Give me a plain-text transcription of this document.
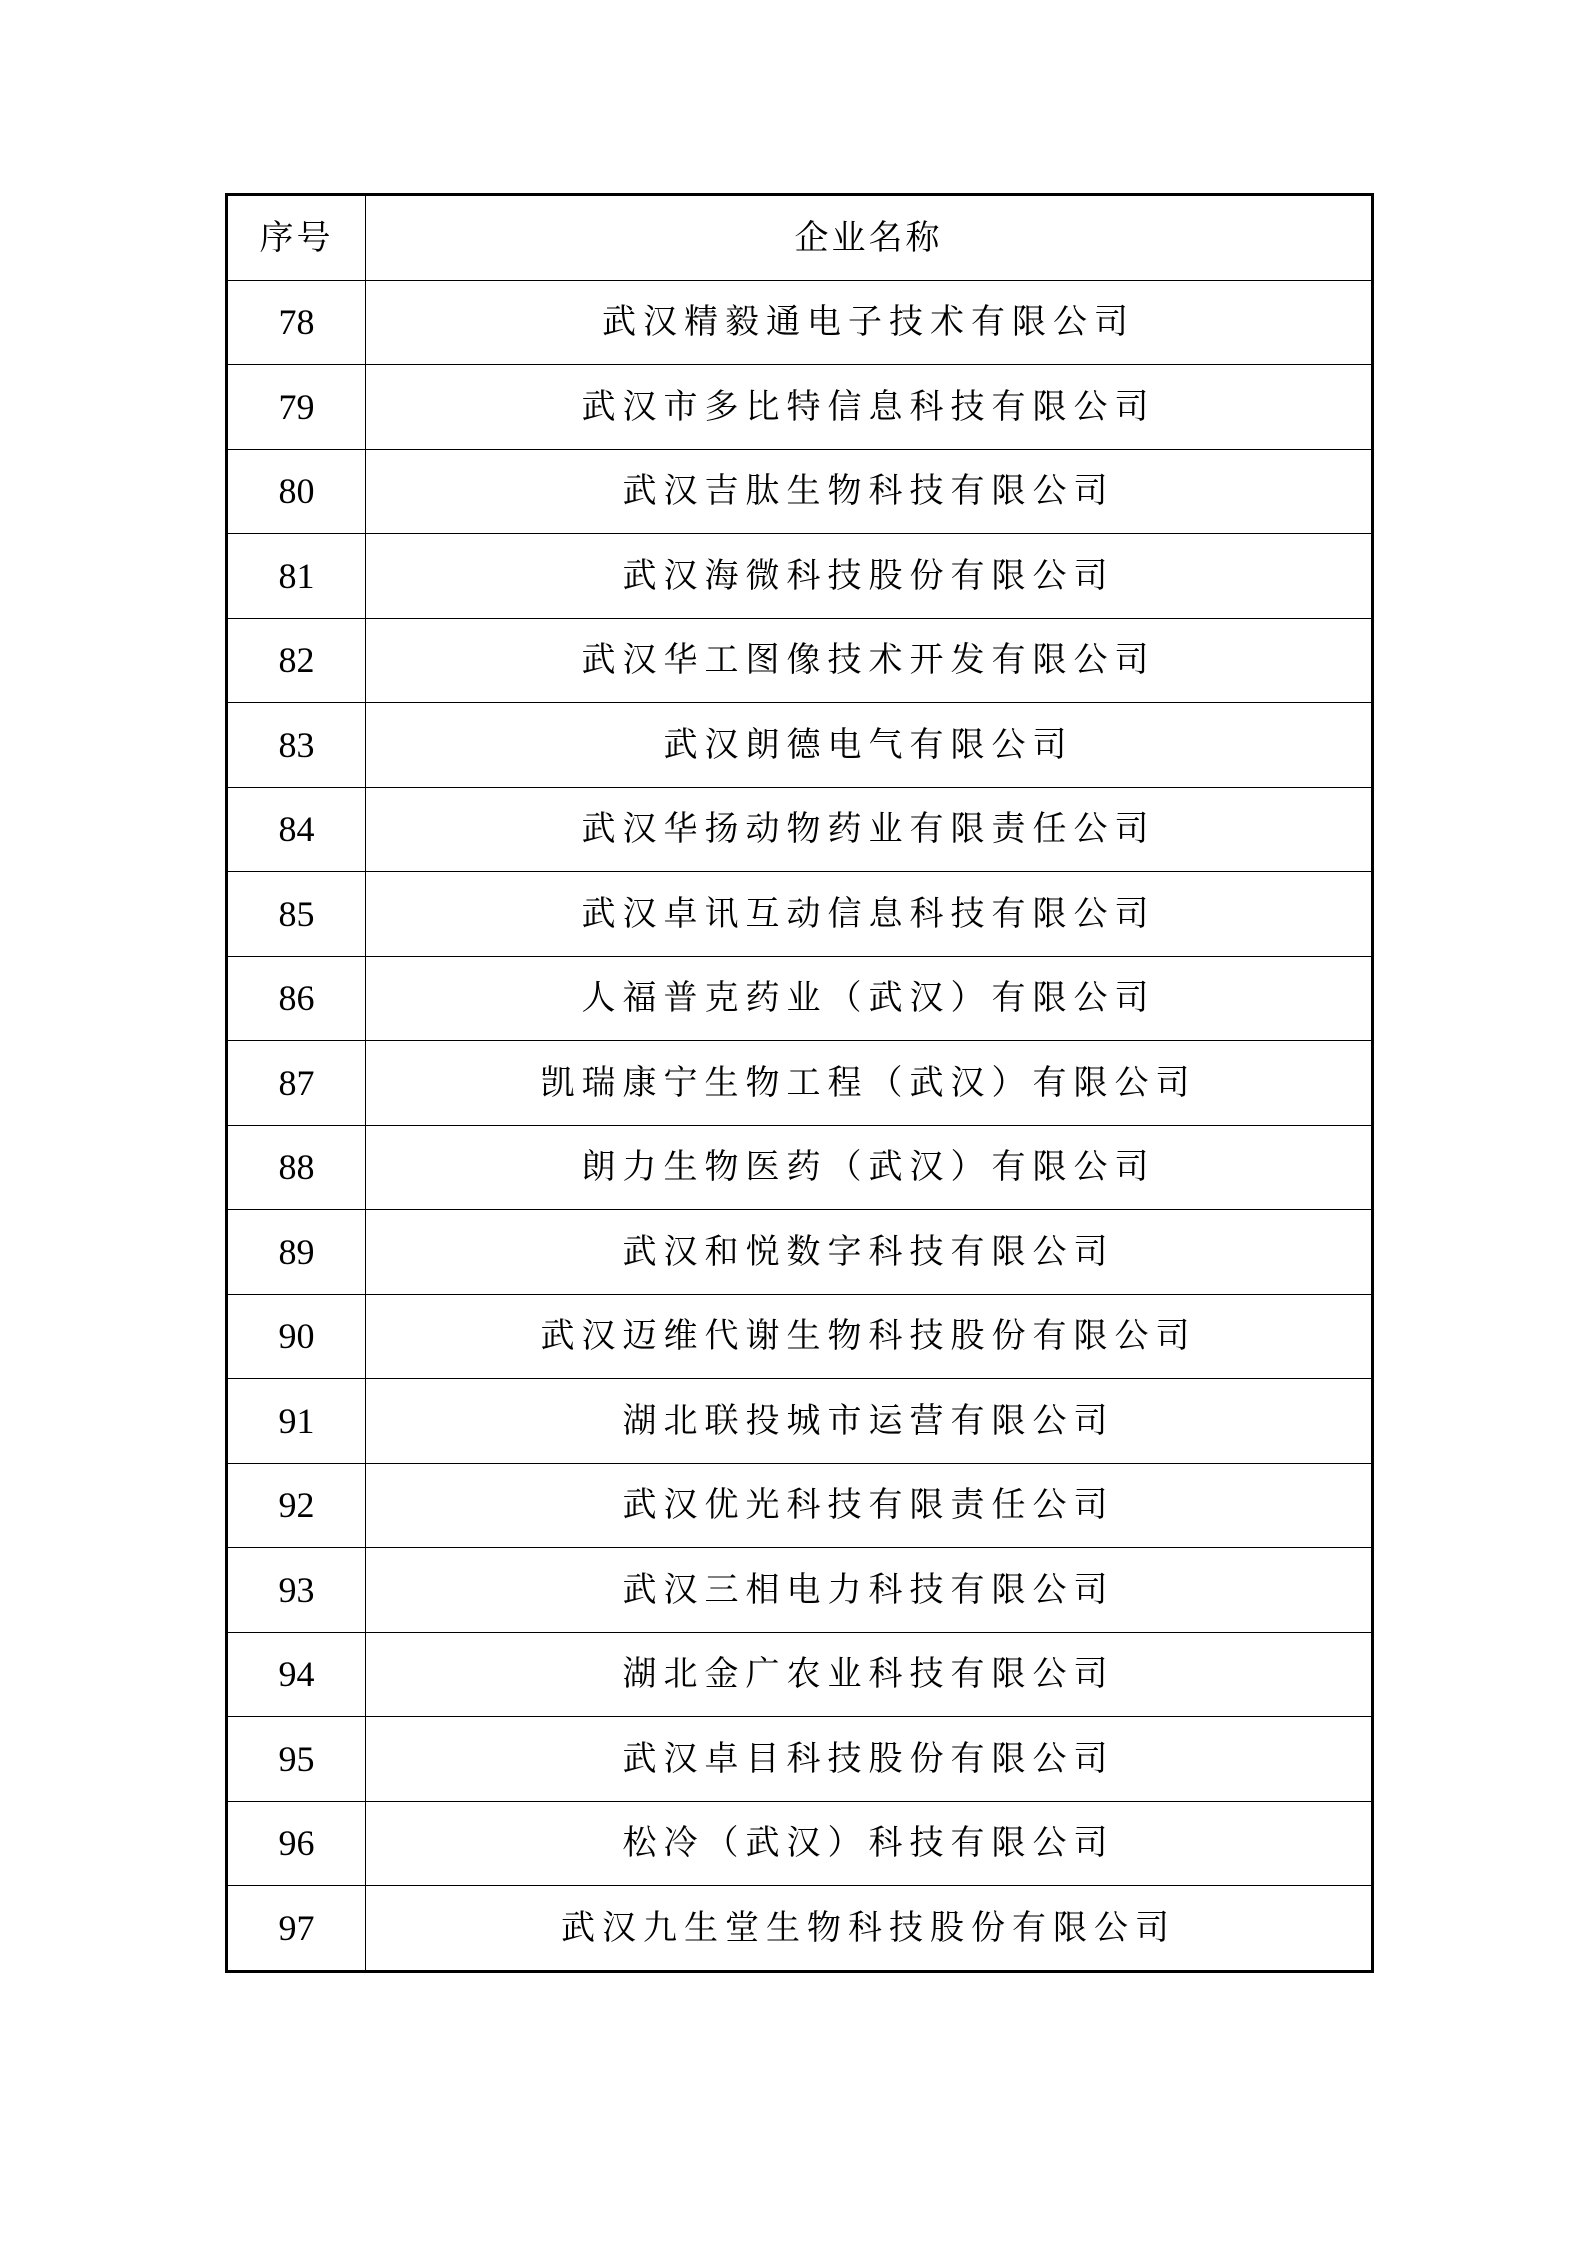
序号	企业名称
78	武汉精毅通电子技术有限公司
79	武汉市多比特信息科技有限公司
80	武汉吉肽生物科技有限公司
81	武汉海微科技股份有限公司
82	武汉华工图像技术开发有限公司
83	武汉朗德电气有限公司
84	武汉华扬动物药业有限责任公司
85	武汉卓讯互动信息科技有限公司
86	人福普克药业（武汉）有限公司
87	凯瑞康宁生物工程（武汉）有限公司
88	朗力生物医药（武汉）有限公司
89	武汉和悦数字科技有限公司
90	武汉迈维代谢生物科技股份有限公司
91	湖北联投城市运营有限公司
92	武汉优光科技有限责任公司
93	武汉三相电力科技有限公司
94	湖北金广农业科技有限公司
95	武汉卓目科技股份有限公司
96	松冷（武汉）科技有限公司
97	武汉九生堂生物科技股份有限公司
